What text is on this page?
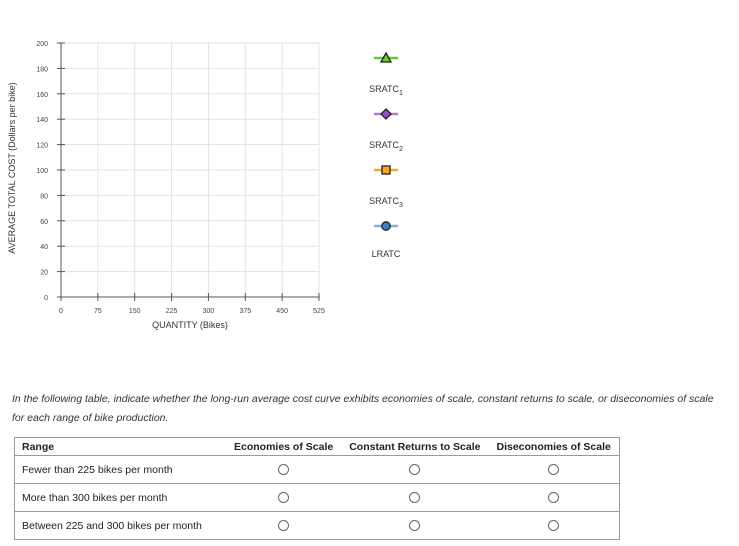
0
20
40
60
80
100
120
140
160
180
200
0	75	150	225	300	375	450	525
QUANTITY (Bikes)
AVERAGE TOTAL COST (Dollars per bike)	$SRATC_1$
$SRATC_2$
$SRATC_3$
LRATC
In the following table, indicate whether the long-run average cost curve exhibits economies of scale, constant returns to scale, or diseconomies of scale for each range of bike production.
Range	Economies of Scale	Constant Returns to Scale	Diseconomies of Scale
Fewer than 225 bikes per month			
More than 300 bikes per month			
Between 225 and 300 bikes per month			
